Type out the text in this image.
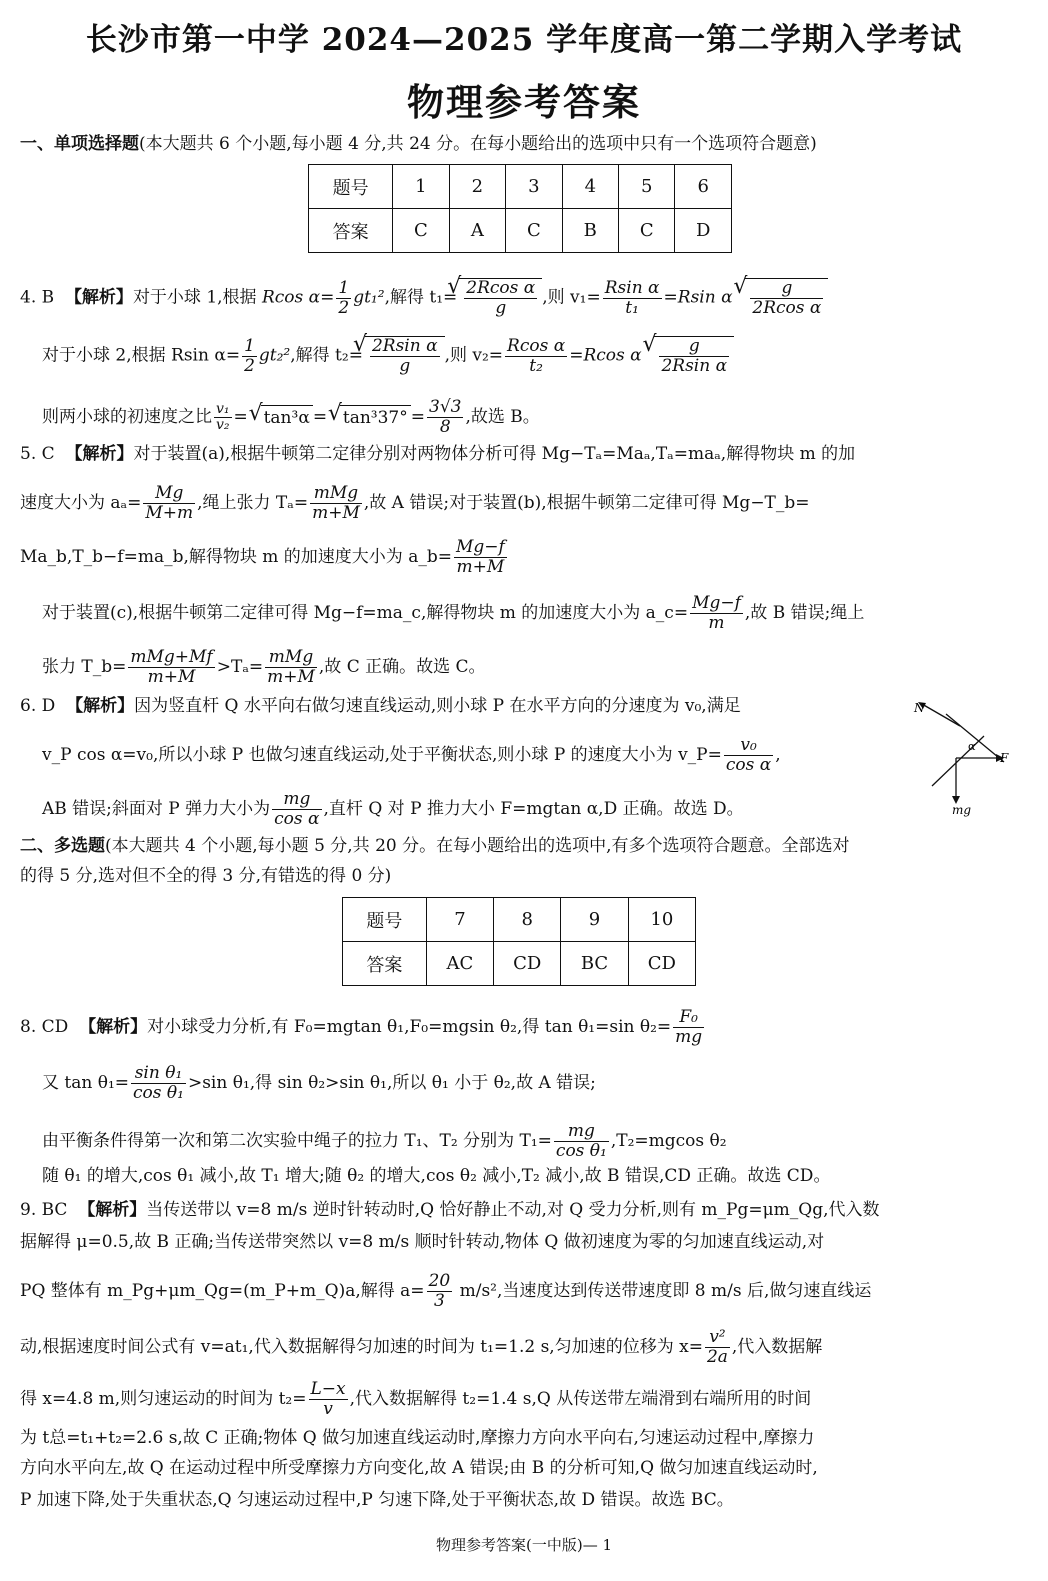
长沙市第一中学 2024—2025 学年度高一第二学期入学考试
物理参考答案
一、单项选择题(本大题共 6 个小题,每小题 4 分,共 24 分。在每小题给出的选项中只有一个选项符合题意)
题号	1	2	3	4	5	6
答案	C	A	C	B	C	D
4. B 【解析】对于小球 1,根据 Rcos $\alpha= \frac{1}{2} gt_1^2$,解得 t₁= √ $\frac{\text{2Rcos α}}{g}$ ,则 $v_1= \frac{\text{Rsin α}}{\text{t₁}} =Rsin$ α √ $\frac{g}{\text{2Rcos α}}$
对于小球 2,根据 Rsin $\alpha= \frac{1}{2} gt_2^2$,解得 t₂= √ $\frac{\text{2Rsin α}}{g}$ ,则 $v_2= \frac{\text{Rcos α}}{\text{t₂}} =Rcos$ α √ $\frac{g}{\text{2Rsin α}}$
则两小球的初速度之比 $\frac{\text{v₁}}{\text{v₂}}$ = √ tan³α =  √ $\tan^337^\circ = \frac{3√3}{8}$ ,故选 B。
5. C 【解析】对于装置(a),根据牛顿第二定律分别对两物体分析可得 Mg−Tₐ=Maₐ,Tₐ=maₐ,解得物块 m 的加
速度大小为 $a_a= \frac{Mg}{M+m}$ ,绳上张力 $T_a= \frac{\text{mMg}}{m+M}$ ,故 A 错误;对于装置(b),根据牛顿第二定律可得 Mg−T_b=
Ma_b,T_b−f=ma_b,解得物块 m 的加速度大小为 a_b= $\frac{Mg-f}{m+M}$
对于装置(c),根据牛顿第二定律可得 Mg−f=ma_c,解得物块 m 的加速度大小为 a_c= $\frac{Mg-f}{m}$ ,故 B 错误;绳上
张力 T_b= $\frac{\text{mMg+Mf}}{m+M} >T_a= \frac{\text{mMg}}{m+M}$ ,故 C 正确。故选 C。
6. D 【解析】因为竖直杆 Q 水平向右做匀速直线运动,则小球 P 在水平方向的分速度为 v₀,满足
v_P cos α=v₀,所以小球 P 也做匀速直线运动,处于平衡状态,则小球 P 的速度大小为 v_P= $\frac{\text{v₀}}{\text{cos α}}$ ,
AB 错误;斜面对 P 弹力大小为 $\frac{mg}{\text{cos α}}$ ,直杆 Q 对 P 推力大小 F=mgtan α,D 正确。故选 D。
N
α
F
mg
二、多选题(本大题共 4 个小题,每小题 5 分,共 20 分。在每小题给出的选项中,有多个选项符合题意。全部选对
的得 5 分,选对但不全的得 3 分,有错选的得 0 分)
题号	7	8	9	10
答案	AC	CD	BC	CD
8. CD 【解析】对小球受力分析,有 F₀=mgtan θ₁,F₀=mgsin θ₂,得 tan θ₁=sin $\theta_2= \frac{\text{F₀}}{mg}$
又 $\tan \theta_1= \frac{\text{sin θ₁}}{\text{cos θ₁}} >\sin$ θ₁,得 sin θ₂>sin θ₁,所以 θ₁ 小于 θ₂,故 A 错误;
由平衡条件得第一次和第二次实验中绳子的拉力 T₁、T₂ 分别为 $T_1= \frac{mg}{\text{cos θ₁}} ,T_2=mgcos$ θ₂
随 θ₁ 的增大,cos θ₁ 减小,故 T₁ 增大;随 θ₂ 的增大,cos θ₂ 减小,T₂ 减小,故 B 错误,CD 正确。故选 CD。
9. BC 【解析】当传送带以 v=8 m/s 逆时针转动时,Q 恰好静止不动,对 Q 受力分析,则有 m_Pg=μm_Qg,代入数
据解得 μ=0.5,故 B 正确;当传送带突然以 v=8 m/s 顺时针转动,物体 Q 做初速度为零的匀加速直线运动,对
PQ 整体有 m_Pg+μm_Qg=(m_P+m_Q)a,解得 $a= \frac{20}{3} m/s^2$,当速度达到传送带速度即 8 m/s 后,做匀速直线运
动,根据速度时间公式有 v=at₁,代入数据解得匀加速的时间为 t₁=1.2 s,匀加速的位移为 $x= \frac{\text{v²}}{2a}$ ,代入数据解
得 x=4.8 m,则匀速运动的时间为 $t_2= \frac{L-x}{v}$ ,代入数据解得 t₂=1.4 s,Q 从传送带左端滑到右端所用的时间
为 t总=t₁+t₂=2.6 s,故 C 正确;物体 Q 做匀加速直线运动时,摩擦力方向水平向右,匀速运动过程中,摩擦力
方向水平向左,故 Q 在运动过程中所受摩擦力方向变化,故 A 错误;由 B 的分析可知,Q 做匀加速直线运动时,
P 加速下降,处于失重状态,Q 匀速运动过程中,P 匀速下降,处于平衡状态,故 D 错误。故选 BC。
物理参考答案(一中版)— 1
